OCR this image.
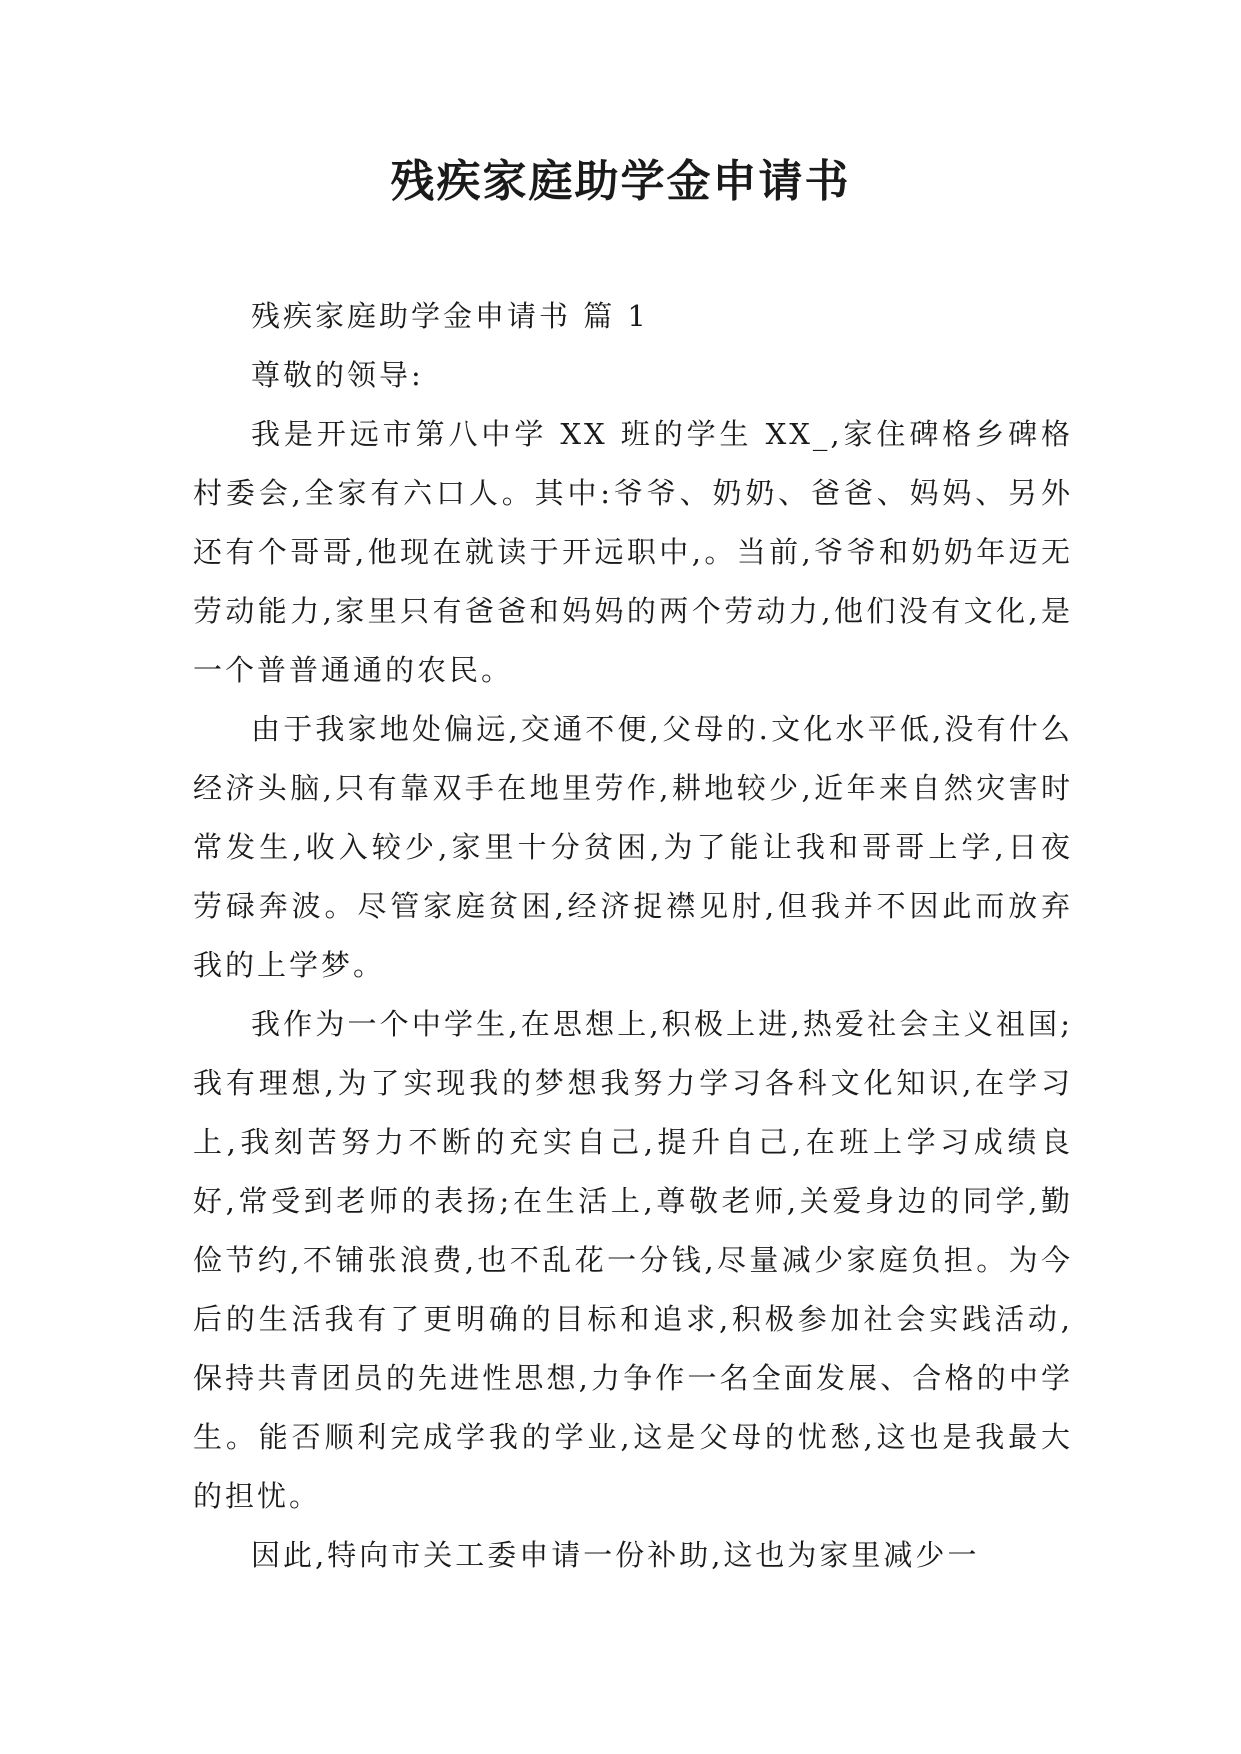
残疾家庭助学金申请书

残疾家庭助学金申请书 篇 1

尊敬的领导:

我是开远市第八中学 XX 班的学生 XX_,家住碑格乡碑格村委会,全家有六口人。其中:爷爷、奶奶、爸爸、妈妈、另外还有个哥哥,他现在就读于开远职中,。当前,爷爷和奶奶年迈无劳动能力,家里只有爸爸和妈妈的两个劳动力,他们没有文化,是一个普普通通的农民。

由于我家地处偏远,交通不便,父母的.文化水平低,没有什么经济头脑,只有靠双手在地里劳作,耕地较少,近年来自然灾害时常发生,收入较少,家里十分贫困,为了能让我和哥哥上学,日夜劳碌奔波。尽管家庭贫困,经济捉襟见肘,但我并不因此而放弃我的上学梦。

我作为一个中学生,在思想上,积极上进,热爱社会主义祖国;我有理想,为了实现我的梦想我努力学习各科文化知识,在学习上,我刻苦努力不断的充实自己,提升自己,在班上学习成绩良好,常受到老师的表扬;在生活上,尊敬老师,关爱身边的同学,勤俭节约,不铺张浪费,也不乱花一分钱,尽量减少家庭负担。为今后的生活我有了更明确的目标和追求,积极参加社会实践活动,保持共青团员的先进性思想,力争作一名全面发展、合格的中学生。能否顺利完成学我的学业,这是父母的忧愁,这也是我最大的担忧。

因此,特向市关工委申请一份补助,这也为家里减少一
